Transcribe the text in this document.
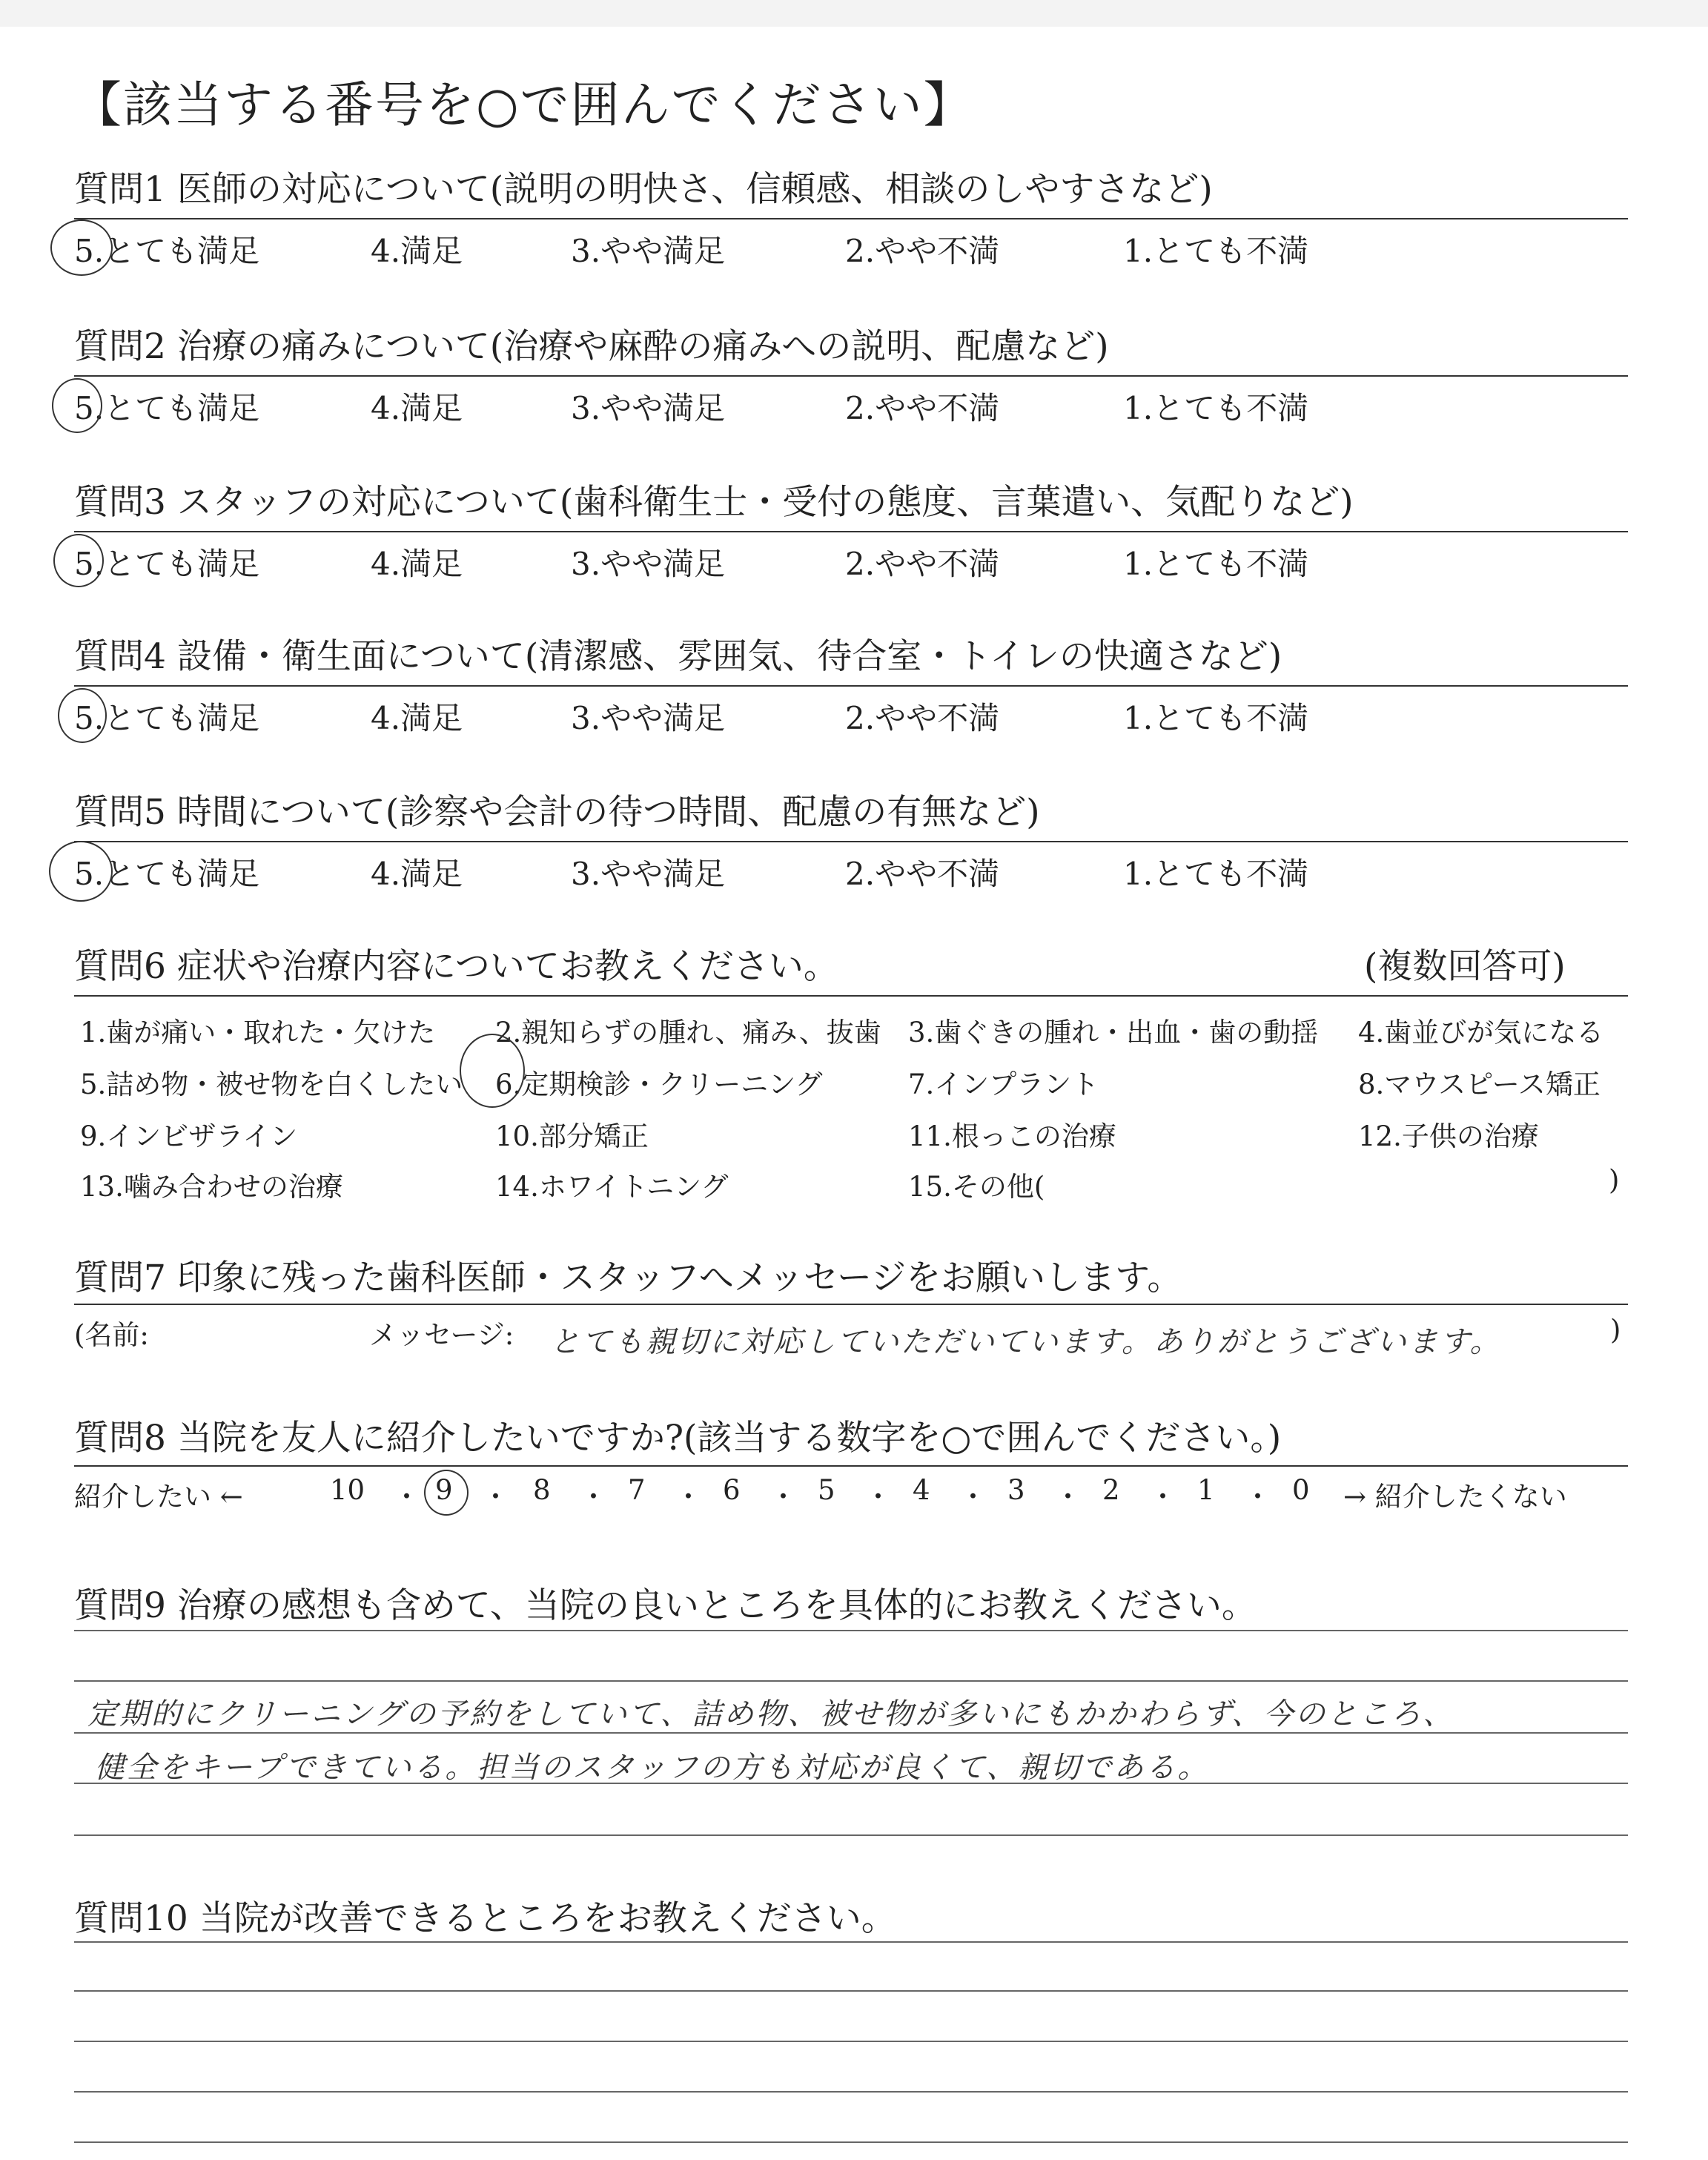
【該当する番号を○で囲んでください】
質問1 医師の対応について(説明の明快さ、信頼感、相談のしやすさなど)
5.とても満足	4.満足	3.やや満足	2.やや不満	1.とても不満
質問2 治療の痛みについて(治療や麻酔の痛みへの説明、配慮など)
5.とても満足	4.満足	3.やや満足	2.やや不満	1.とても不満
質問3 スタッフの対応について(歯科衛生士・受付の態度、言葉遣い、気配りなど)
5.とても満足	4.満足	3.やや満足	2.やや不満	1.とても不満
質問4 設備・衛生面について(清潔感、雰囲気、待合室・トイレの快適さなど)
5.とても満足	4.満足	3.やや満足	2.やや不満	1.とても不満
質問5 時間について(診察や会計の待つ時間、配慮の有無など)
5.とても満足	4.満足	3.やや満足	2.やや不満	1.とても不満
質問6 症状や治療内容についてお教えください。	(複数回答可)
1.歯が痛い・取れた・欠けた 2.親知らずの腫れ、痛み、抜歯 3.歯ぐきの腫れ・出血・歯の動揺 4.歯並びが気になる
5.詰め物・被せ物を白くしたい 6.定期検診・クリーニング	7.インプラント	8.マウスピース矯正
9.インビザライン	10.部分矯正	11.根っこの治療	12.子供の治療
13.噛み合わせの治療	14.ホワイトニング	15.その他(	)
質問7 印象に残った歯科医師・スタッフへメッセージをお願いします。
(名前:	メッセージ: とても親切に対応していただいています。ありがとうございます。	)
質問8 当院を友人に紹介したいですか?(該当する数字を○で囲んでください。)
紹介したい ←	10	9	8	7	6	5	4	3	2	1	0 → 紹介したくない
・ ・	・ ・ ・ ・ ・ ・ ・ ・
質問9 治療の感想も含めて、当院の良いところを具体的にお教えください。
定期的にクリーニングの予約をしていて、詰め物、被せ物が多いにもかかわらず、今のところ、
健全をキープできている。担当のスタッフの方も対応が良くて、親切である。
質問10 当院が改善できるところをお教えください。
